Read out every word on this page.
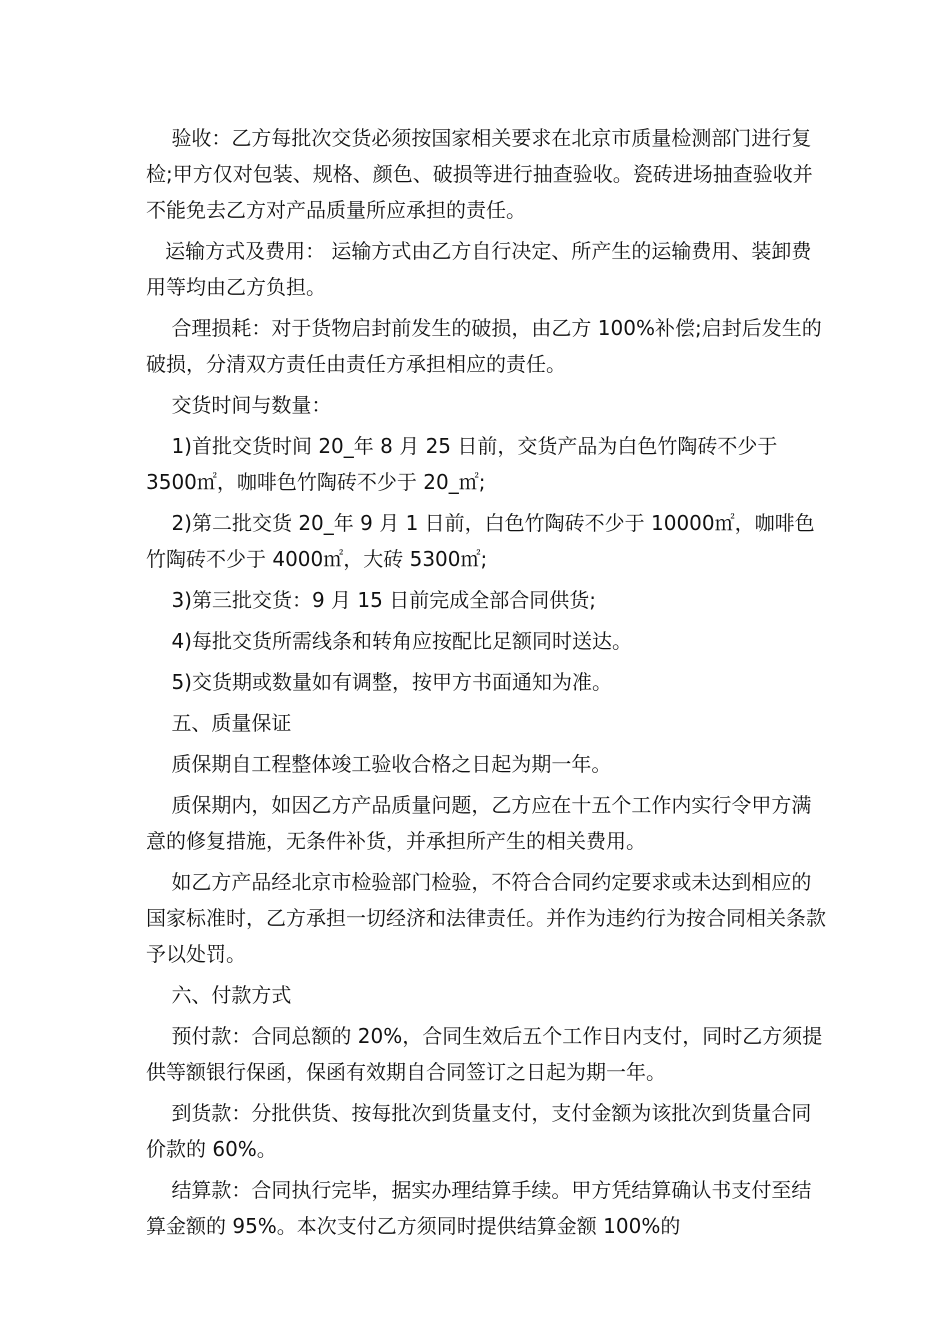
验收：乙方每批次交货必须按国家相关要求在北京市质量检测部门进行复检;甲方仅对包装、规格、颜色、破损等进行抽查验收。瓷砖进场抽查验收并不能免去乙方对产品质量所应承担的责任。

运输方式及费用： 运输方式由乙方自行决定、所产生的运输费用、装卸费用等均由乙方负担。

合理损耗：对于货物启封前发生的破损，由乙方 100%补偿;启封后发生的破损，分清双方责任由责任方承担相应的责任。

交货时间与数量：

1)首批交货时间 20_年 8 月 25 日前，交货产品为白色竹陶砖不少于 3500㎡，咖啡色竹陶砖不少于 20_㎡;

2)第二批交货 20_年 9 月 1 日前，白色竹陶砖不少于 10000㎡，咖啡色竹陶砖不少于 4000㎡，大砖 5300㎡;

3)第三批交货：9 月 15 日前完成全部合同供货;

4)每批交货所需线条和转角应按配比足额同时送达。

5)交货期或数量如有调整，按甲方书面通知为准。

五、质量保证

质保期自工程整体竣工验收合格之日起为期一年。

质保期内，如因乙方产品质量问题，乙方应在十五个工作内实行令甲方满意的修复措施，无条件补货，并承担所产生的相关费用。

如乙方产品经北京市检验部门检验，不符合合同约定要求或未达到相应的国家标准时，乙方承担一切经济和法律责任。并作为违约行为按合同相关条款予以处罚。

六、付款方式

预付款：合同总额的 20%，合同生效后五个工作日内支付，同时乙方须提供等额银行保函，保函有效期自合同签订之日起为期一年。

到货款：分批供货、按每批次到货量支付，支付金额为该批次到货量合同价款的 60%。

结算款：合同执行完毕，据实办理结算手续。甲方凭结算确认书支付至结算金额的 95%。本次支付乙方须同时提供结算金额 100%的
